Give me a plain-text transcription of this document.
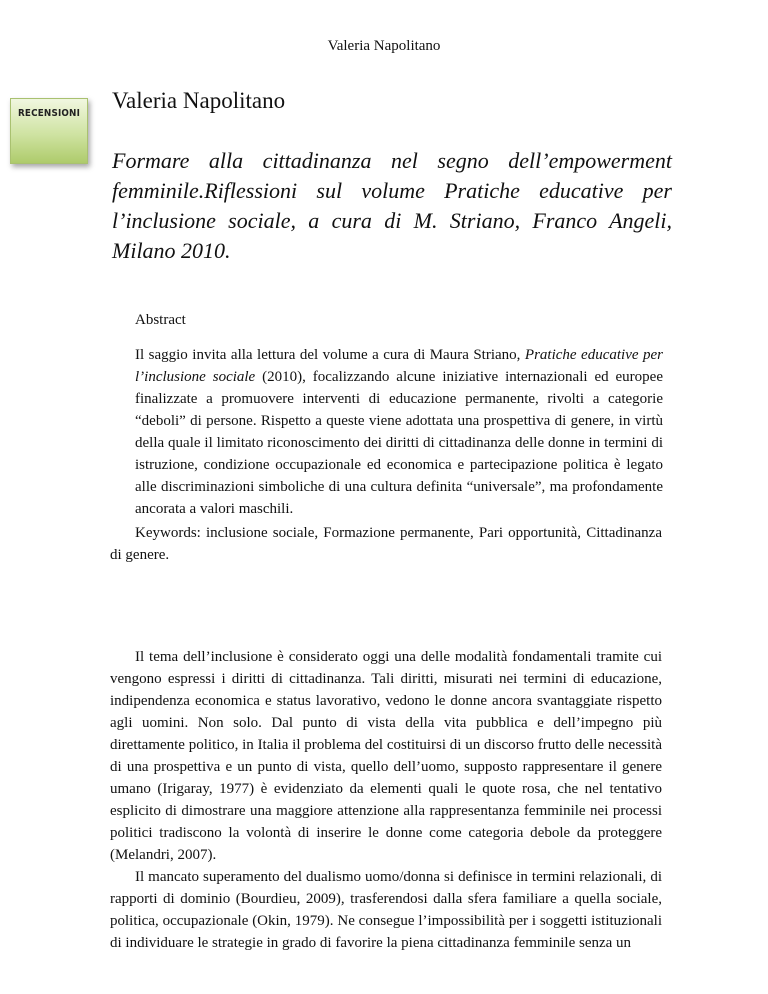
Valeria Napolitano
RECENSIONI
Valeria Napolitano
Formare alla cittadinanza nel segno dell’empowerment femminile.Riflessioni sul volume Pratiche educative per l’inclusione sociale, a cura di M. Striano, Franco Angeli, Milano 2010.
Abstract
Il saggio invita alla lettura del volume a cura di Maura Striano, Pratiche educative per l’inclusione sociale (2010), focalizzando alcune iniziative internazionali ed europee finalizzate a promuovere interventi di educazione permanente, rivolti a categorie “deboli” di persone. Rispetto a queste viene adottata una prospettiva di genere, in virtù della quale il limitato riconoscimento dei diritti di cittadinanza delle donne in termini di istruzione, condizione occupazionale ed economica e partecipazione politica è legato alle discriminazioni simboliche di una cultura definita “universale”, ma profondamente ancorata a valori maschili.
Keywords: inclusione sociale, Formazione permanente, Pari opportunità, Cittadinanza di genere.

Il tema dell’inclusione è considerato oggi una delle modalità fondamentali tramite cui vengono espressi i diritti di cittadinanza. Tali diritti, misurati nei termini di educazione, indipendenza economica e status lavorativo, vedono le donne ancora svantaggiate rispetto agli uomini. Non solo. Dal punto di vista della vita pubblica e dell’impegno più direttamente politico, in Italia il problema del costituirsi di un discorso frutto delle necessità di una prospettiva e un punto di vista, quello dell’uomo, supposto rappresentare il genere umano (Irigaray, 1977) è evidenziato da elementi quali le quote rosa, che nel tentativo esplicito di dimostrare una maggiore attenzione alla rappresentanza femminile nei processi politici tradiscono la volontà di inserire le donne come categoria debole da proteggere (Melandri, 2007).

Il mancato superamento del dualismo uomo/donna si definisce in termini relazionali, di rapporti di dominio (Bourdieu, 2009), trasferendosi dalla sfera familiare a quella sociale, politica, occupazionale (Okin, 1979). Ne consegue l’impossibilità per i soggetti istituzionali di individuare le strategie in grado di favorire la piena cittadinanza femminile senza un
